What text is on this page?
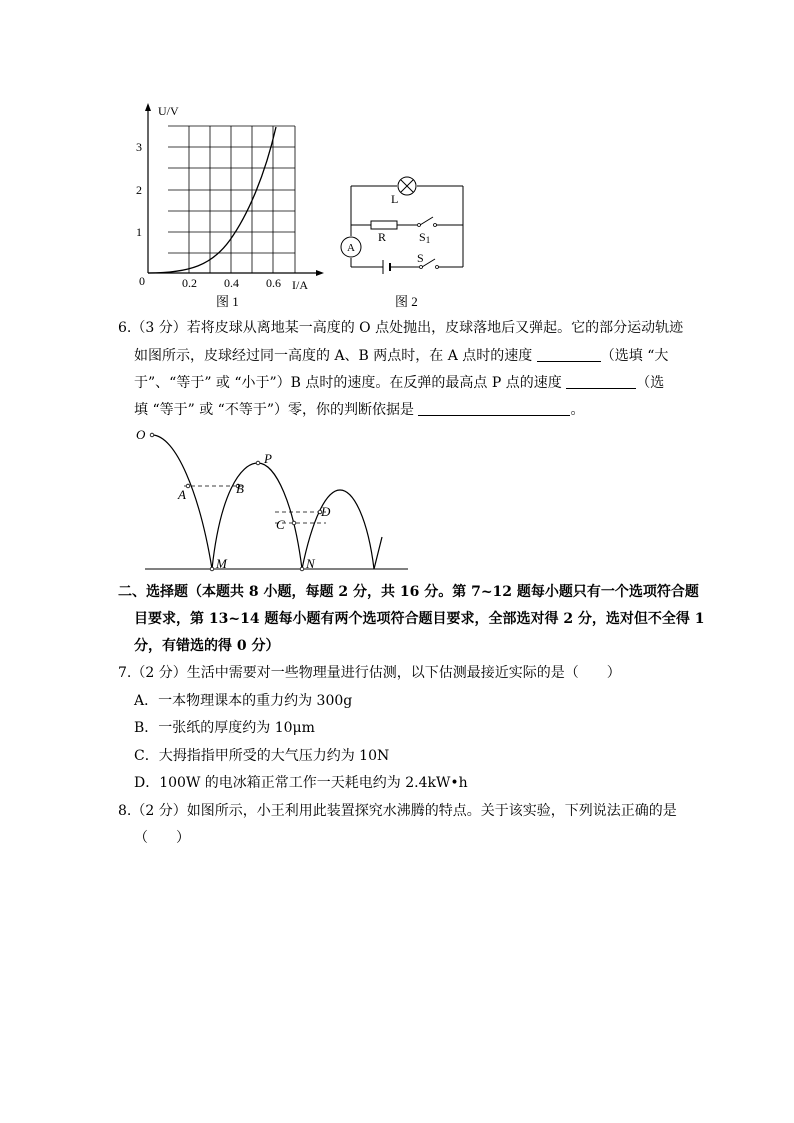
U/V
I/A
0
1
2
3
0.2 0.4 0.6
图 1
A
L
R	S1
S
图 2
6.（3 分）若将皮球从离地某一高度的 O 点处抛出，皮球落地后又弹起。它的部分运动轨迹
如图所示，皮球经过同一高度的 A、B 两点时，在 A 点时的速度	（选填 “大
于”、“等于” 或 “小于”）B 点时的速度。在反弹的最高点 P 点的速度	（选
填 “等于” 或 “不等于”）零，你的判断依据是	。
O
P
A	B
C
D
M	N
二、选择题（本题共 8 小题，每题 2 分，共 16 分。第 7~12 题每小题只有一个选项符合题
目要求，第 13~14 题每小题有两个选项符合题目要求，全部选对得 2 分，选对但不全得 1
分，有错选的得 0 分）
7.（2 分）生活中需要对一些物理量进行估测，以下估测最接近实际的是（　　）
A．一本物理课本的重力约为 300g
B．一张纸的厚度约为 10μm
C．大拇指指甲所受的大气压力约为 10N
D．100W 的电冰箱正常工作一天耗电约为 2.4kW•h
8.（2 分）如图所示，小王利用此装置探究水沸腾的特点。关于该实验，下列说法正确的是
（　　）
